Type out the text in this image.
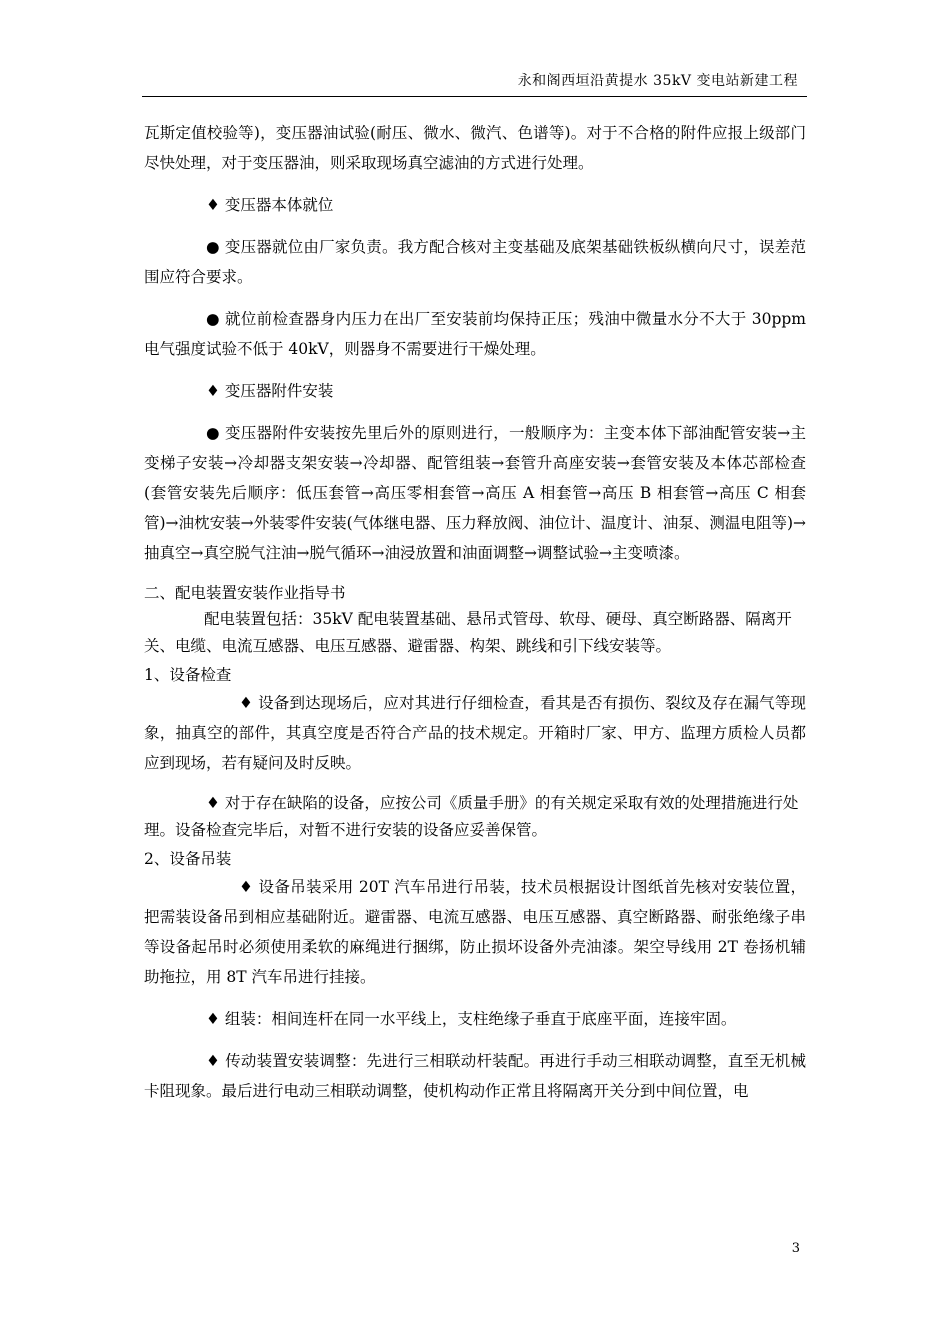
永和阁西垣沿黄提水 35kV 变电站新建工程

瓦斯定值校验等)，变压器油试验(耐压、微水、微汽、色谱等)。对于不合格的附件应报上级部门尽快处理，对于变压器油，则采取现场真空滤油的方式进行处理。

♦ 变压器本体就位

● 变压器就位由厂家负责。我方配合核对主变基础及底架基础铁板纵横向尺寸，误差范围应符合要求。

● 就位前检查器身内压力在出厂至安装前均保持正压；残油中微量水分不大于 30ppm 电气强度试验不低于 40kV，则器身不需要进行干燥处理。

♦ 变压器附件安装

● 变压器附件安装按先里后外的原则进行，一般顺序为：主变本体下部油配管安装→主变梯子安装→冷却器支架安装→冷却器、配管组装→套管升高座安装→套管安装及本体芯部检查(套管安装先后顺序：低压套管→高压零相套管→高压 A 相套管→高压 B 相套管→高压 C 相套管)→油枕安装→外装零件安装(气体继电器、压力释放阀、油位计、温度计、油泵、测温电阻等)→抽真空→真空脱气注油→脱气循环→油浸放置和油面调整→调整试验→主变喷漆。

二、配电装置安装作业指导书

配电装置包括：35kV 配电装置基础、悬吊式管母、软母、硬母、真空断路器、隔离开关、电缆、电流互感器、电压互感器、避雷器、构架、跳线和引下线安装等。

1、设备检查

♦ 设备到达现场后，应对其进行仔细检查，看其是否有损伤、裂纹及存在漏气等现象，抽真空的部件，其真空度是否符合产品的技术规定。开箱时厂家、甲方、监理方质检人员都应到现场，若有疑问及时反映。

♦ 对于存在缺陷的设备，应按公司《质量手册》的有关规定采取有效的处理措施进行处理。设备检查完毕后，对暂不进行安装的设备应妥善保管。

2、设备吊装

♦ 设备吊装采用 20T 汽车吊进行吊装，技术员根据设计图纸首先核对安装位置，把需装设备吊到相应基础附近。避雷器、电流互感器、电压互感器、真空断路器、耐张绝缘子串等设备起吊时必须使用柔软的麻绳进行捆绑，防止损坏设备外壳油漆。架空导线用 2T 卷扬机辅助拖拉，用 8T 汽车吊进行挂接。

♦ 组装：相间连杆在同一水平线上，支柱绝缘子垂直于底座平面，连接牢固。

♦ 传动装置安装调整：先进行三相联动杆装配。再进行手动三相联动调整，直至无机械卡阻现象。最后进行电动三相联动调整，使机构动作正常且将隔离开关分到中间位置，电

3
